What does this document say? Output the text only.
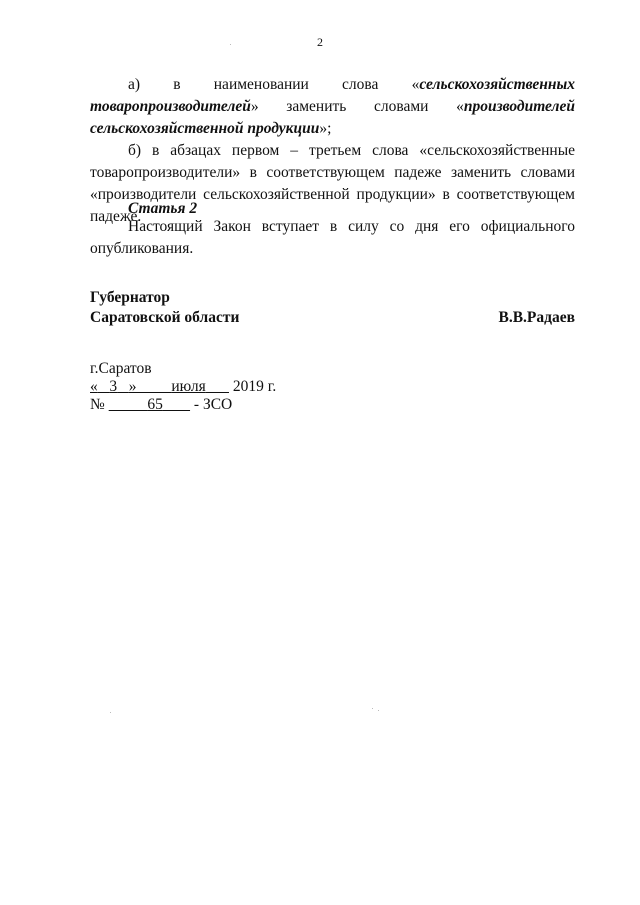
2

а) в наименовании слова «сельскохозяйственных товаропроизводителей» заменить словами «производителей сельскохозяйственной продукции»;

б) в абзацах первом – третьем слова «сельскохозяйственные товаропроизводители» в соответствующем падеже заменить словами «производители сельскохозяйственной продукции» в соответствующем падеже.

Статья 2

Настоящий Закон вступает в силу со дня его официального опубликования.

Губернатор
Саратовской области	В.В.Радаев
г.Саратов
« 3 » июля 2019 г.
№	65 - ЗСО
